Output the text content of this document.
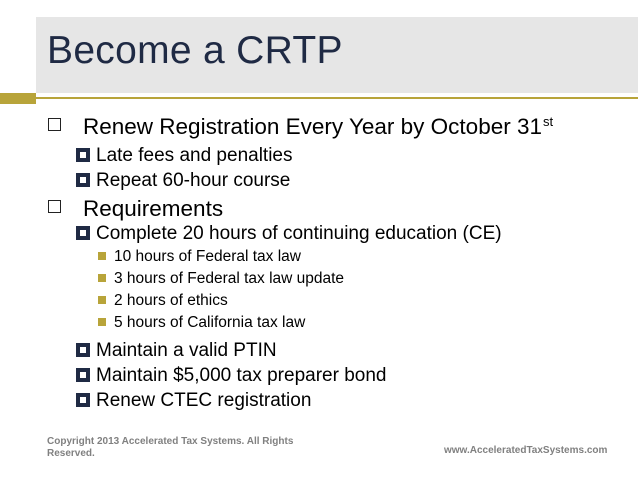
Become a CRTP
Renew Registration Every Year by October 31st
Late fees and penalties
Repeat 60-hour course
Requirements
Complete 20 hours of continuing education (CE)
10 hours of Federal tax law
3 hours of Federal tax law update
2 hours of ethics
5 hours of California tax law
Maintain a valid PTIN
Maintain $5,000 tax preparer bond
Renew CTEC registration
Copyright 2013 Accelerated Tax Systems. All Rights Reserved.	www.AcceleratedTaxSystems.com
